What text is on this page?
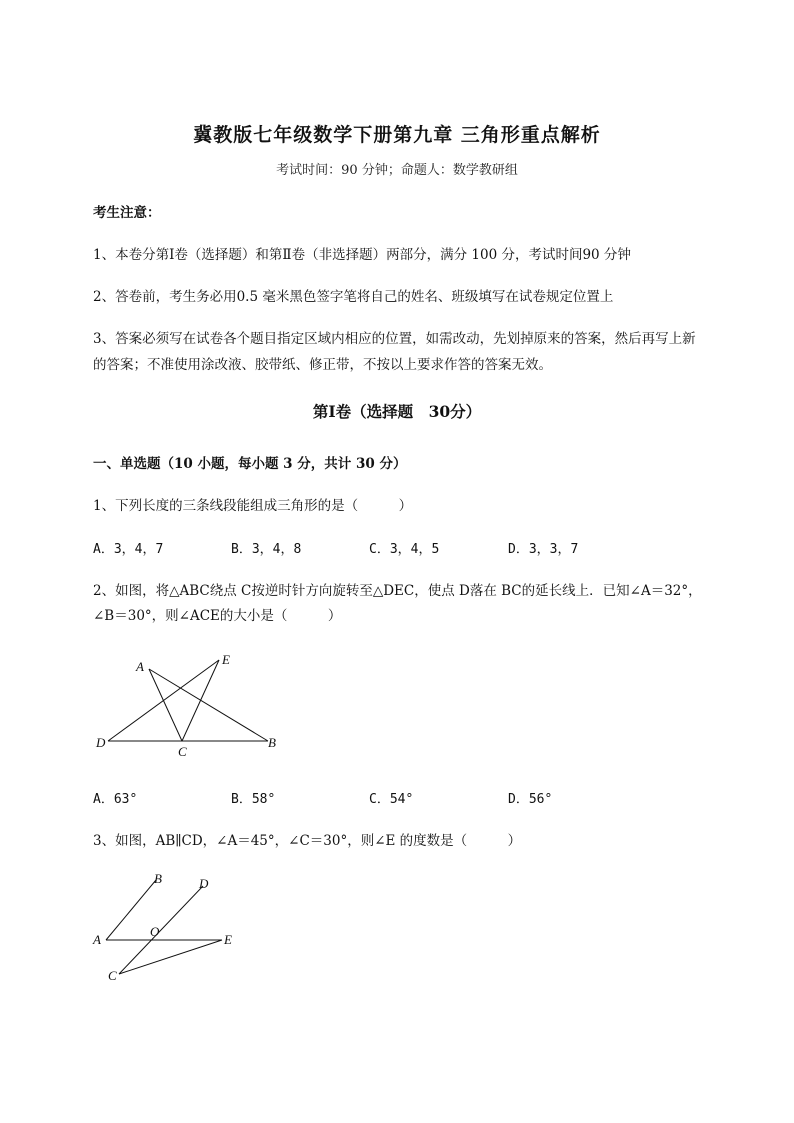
冀教版七年级数学下册第九章 三角形重点解析
考试时间：90 分钟；命题人：数学教研组
考生注意：
1、本卷分第Ⅰ卷（选择题）和第Ⅱ卷（非选择题）两部分，满分 100 分，考试时间90 分钟
2、答卷前，考生务必用0.5 毫米黑色签字笔将自己的姓名、班级填写在试卷规定位置上
3、答案必须写在试卷各个题目指定区域内相应的位置，如需改动，先划掉原来的答案，然后再写上新
的答案；不准使用涂改液、胶带纸、修正带，不按以上要求作答的答案无效。
第Ⅰ卷（选择题　30分）
一、单选题（10 小题，每小题 3 分，共计 30 分）
1、下列长度的三条线段能组成三角形的是（　　　）
A．3，4，7	B．3，4，8	C．3，4，5	D．3，3，7
2、如图，将△ABC绕点 C按逆时针方向旋转至△DEC，使点 D落在 BC的延长线上．已知∠A＝32°，
∠B＝30°，则∠ACE的大小是（　　　）
A	E
D
C
B
A．63°	B．58°	C．54°	D．56°
3、如图，AB∥CD，∠A＝45°，∠C＝30°，则∠E 的度数是（　　　）
A
B
C
D
O
E
